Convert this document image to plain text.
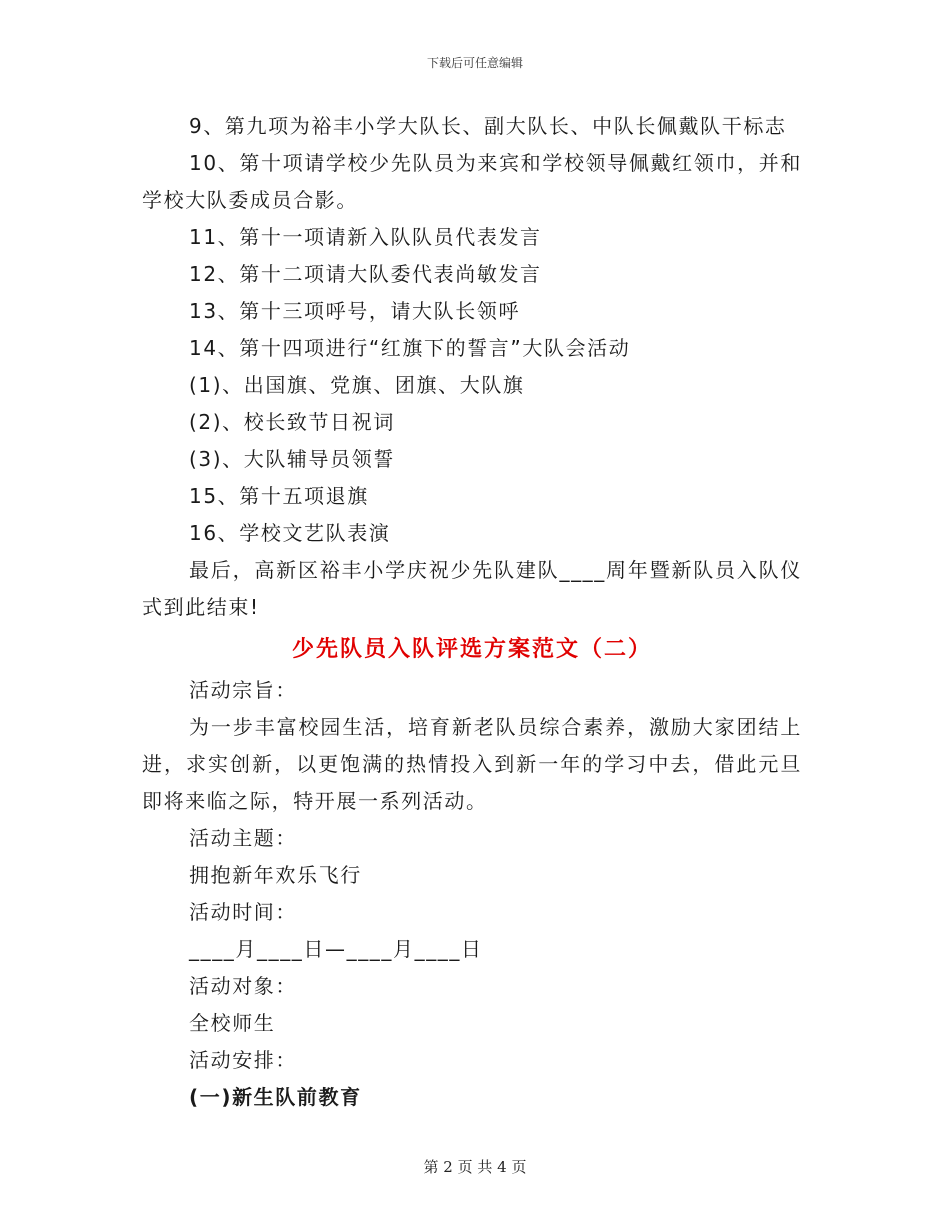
下载后可任意编辑
9、第九项为裕丰小学大队长、副大队长、中队长佩戴队干标志
10、第十项请学校少先队员为来宾和学校领导佩戴红领巾，并和学校大队委成员合影。
11、第十一项请新入队队员代表发言
12、第十二项请大队委代表尚敏发言
13、第十三项呼号，请大队长领呼
14、第十四项进行“红旗下的誓言”大队会活动
(1)、出国旗、党旗、团旗、大队旗
(2)、校长致节日祝词
(3)、大队辅导员领誓
15、第十五项退旗
16、学校文艺队表演
最后，高新区裕丰小学庆祝少先队建队____周年暨新队员入队仪式到此结束!
少先队员入队评选方案范文（二）
活动宗旨：
为一步丰富校园生活，培育新老队员综合素养，激励大家团结上进，求实创新，以更饱满的热情投入到新一年的学习中去，借此元旦即将来临之际，特开展一系列活动。
活动主题：
拥抱新年欢乐飞行
活动时间：
____月____日—____月____日
活动对象：
全校师生
活动安排：
(一)新生队前教育
第 2 页 共 4 页
